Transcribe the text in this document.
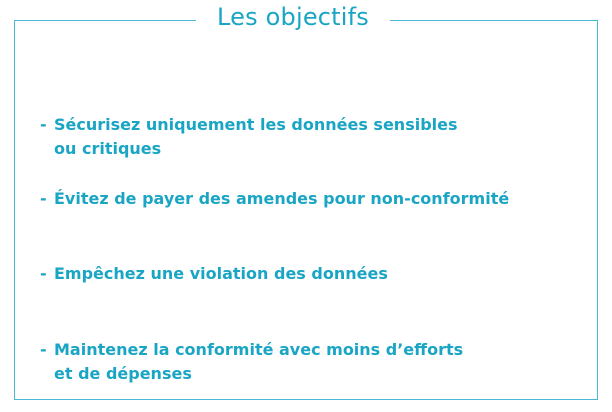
Les objectifs
- Sécurisez uniquement les données sensibles
ou critiques
- Évitez de payer des amendes pour non-conformité
- Empêchez une violation des données
- Maintenez la conformité avec moins d’efforts
et de dépenses
